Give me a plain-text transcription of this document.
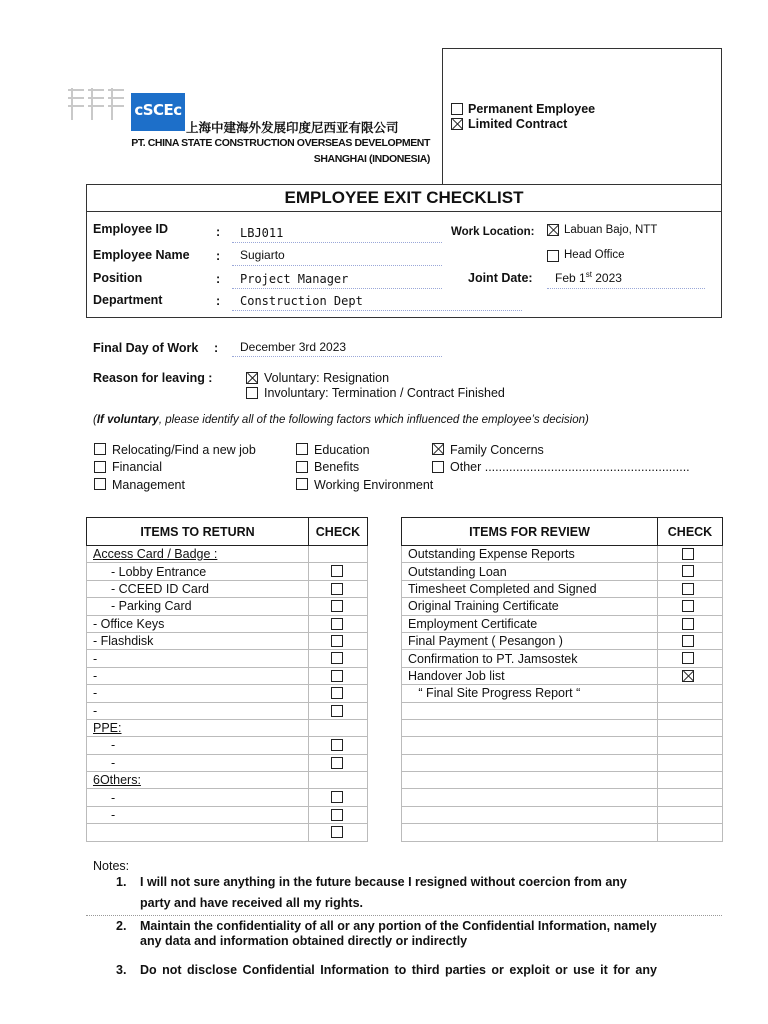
cSCEc
上海中建海外发展印度尼西亚有限公司
PT. CHINA STATE CONSTRUCTION OVERSEAS DEVELOPMENT
SHANGHAI (INDONESIA)
Permanent Employee
Limited Contract
EMPLOYEE EXIT CHECKLIST
Employee ID	: LBJ011
Employee Name : Sugiarto
Position	: Project Manager
Department	: Construction Dept
Work Location:	Labuan Bajo, NTT
Head Office
Joint Date: Feb 1st 2023
Final Day of Work : December 3rd 2023
Reason for leaving :	Voluntary: Resignation
Involuntary: Termination / Contract Finished
(If voluntary, please identify all of the following factors which influenced the employee’s decision)
Relocating/Find a new job
Financial
Management
Education
Benefits
Working Environment
Family Concerns
Other ...........................................................
ITEMS TO RETURN	CHECK
Access Card / Badge :	
- Lobby Entrance	

- CCEED ID Card	

- Parking Card	

- Office Keys	

- Flashdisk	

-	

-	

-	

-	

PPE:	
-	

-	

6Others:	
-	

-	

ITEMS FOR REVIEW	CHECK
Outstanding Expense Reports	

Outstanding Loan	

Timesheet Completed and Signed	

Original Training Certificate	

Employment Certificate	

Final Payment ( Pesangon )	

Confirmation to PT. Jamsostek	

Handover Job list	

“ Final Site Progress Report “	

Notes:
1. I will not sure anything in the future because I resigned without coercion from any
party and have received all my rights.
2. Maintain the confidentiality of all or any portion of the Confidential Information, namely
any data and information obtained directly or indirectly
3. Do not disclose Confidential Information to third parties or exploit or use it for any
